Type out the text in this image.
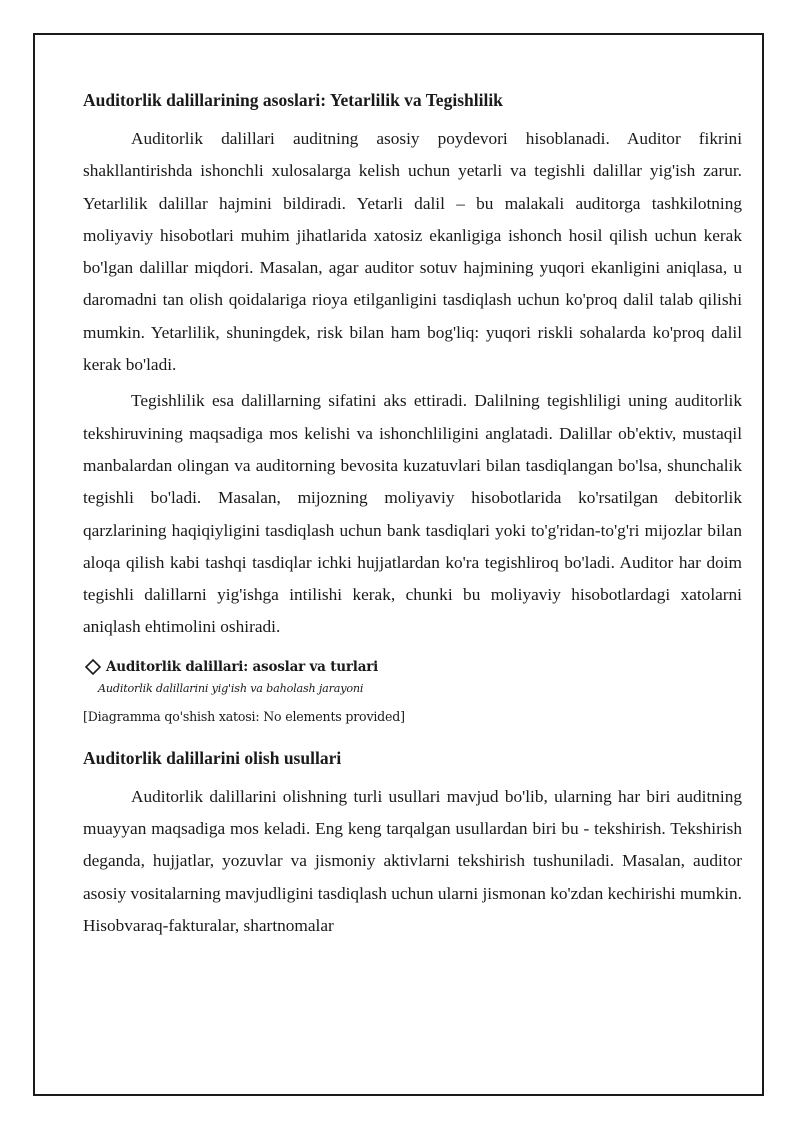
Auditorlik dalillarining asoslari: Yetarlilik va Tegishlilik

Auditorlik dalillari auditning asosiy poydevori hisoblanadi. Auditor fikrini shakllantirishda ishonchli xulosalarga kelish uchun yetarli va tegishli dalillar yig'ish zarur. Yetarlilik dalillar hajmini bildiradi. Yetarli dalil – bu malakali auditorga tashkilotning moliyaviy hisobotlari muhim jihatlarida xatosiz ekanligiga ishonch hosil qilish uchun kerak bo'lgan dalillar miqdori. Masalan, agar auditor sotuv hajmining yuqori ekanligini aniqlasa, u daromadni tan olish qoidalariga rioya etilganligini tasdiqlash uchun ko'proq dalil talab qilishi mumkin. Yetarlilik, shuningdek, risk bilan ham bog'liq: yuqori riskli sohalarda ko'proq dalil kerak bo'ladi.

Tegishlilik esa dalillarning sifatini aks ettiradi. Dalilning tegishliligi uning auditorlik tekshiruvining maqsadiga mos kelishi va ishonchliligini anglatadi. Dalillar ob'ektiv, mustaqil manbalardan olingan va auditorning bevosita kuzatuvlari bilan tasdiqlangan bo'lsa, shunchalik tegishli bo'ladi. Masalan, mijozning moliyaviy hisobotlarida ko'rsatilgan debitorlik qarzlarining haqiqiyligini tasdiqlash uchun bank tasdiqlari yoki to'g'ridan-to'g'ri mijozlar bilan aloqa qilish kabi tashqi tasdiqlar ichki hujjatlardan ko'ra tegishliroq bo'ladi. Auditor har doim tegishli dalillarni yig'ishga intilishi kerak, chunki bu moliyaviy hisobotlardagi xatolarni aniqlash ehtimolini oshiradi.

Auditorlik dalillari: asoslar va turlari
Auditorlik dalillarini yig'ish va baholash jarayoni
[Diagramma qo'shish xatosi: No elements provided]
Auditorlik dalillarini olish usullari

Auditorlik dalillarini olishning turli usullari mavjud bo'lib, ularning har biri auditning muayyan maqsadiga mos keladi. Eng keng tarqalgan usullardan biri bu - tekshirish. Tekshirish deganda, hujjatlar, yozuvlar va jismoniy aktivlarni tekshirish tushuniladi. Masalan, auditor asosiy vositalarning mavjudligini tasdiqlash uchun ularni jismonan ko'zdan kechirishi mumkin. Hisobvaraq-fakturalar, shartnomalar
